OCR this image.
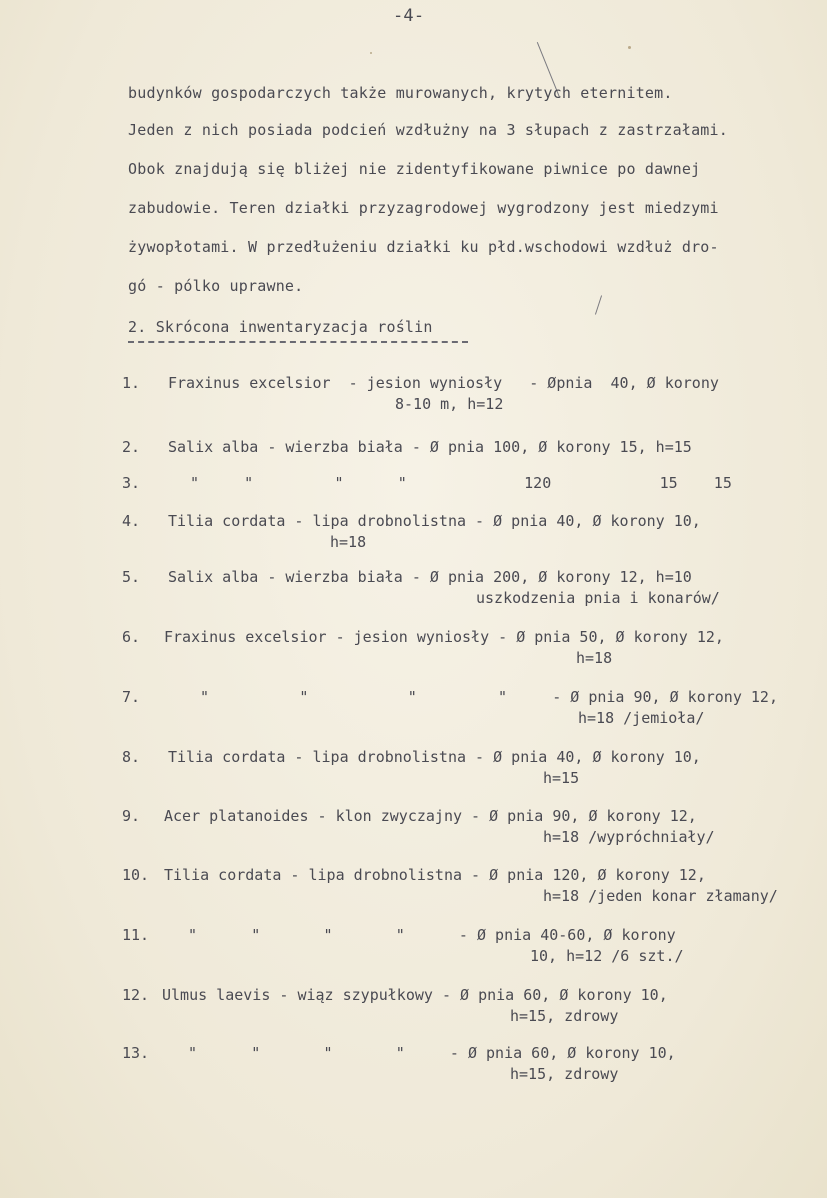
-4-
budynków gospodarczych także murowanych, krytych eternitem.
Jeden z nich posiada podcień wzdłużny na 3 słupach z zastrzałami.
Obok znajdują się bliżej nie zidentyfikowane piwnice po dawnej
zabudowie. Teren działki przyzagrodowej wygrodzony jest miedzymi
żywopłotami. W przedłużeniu działki ku płd.wschodowi wzdłuż dro-
gó - pólko uprawne.
2. Skrócona inwentaryzacja roślin
1. Fraxinus excelsior  - jesion wyniosły   - Øpnia  40, Ø korony
8-10 m, h=12
2. Salix alba - wierzba biała - Ø pnia 100, Ø korony 15, h=15
3.	"     "         "      "             120            15    15
4. Tilia cordata - lipa drobnolistna - Ø pnia 40, Ø korony 10,
h=18
5. Salix alba - wierzba biała - Ø pnia 200, Ø korony 12, h=10
uszkodzenia pnia i konarów/
6. Fraxinus excelsior - jesion wyniosły - Ø pnia 50, Ø korony 12,
h=18
7.	"          "           "         "     - Ø pnia 90, Ø korony 12,
h=18 /jemioła/
8. Tilia cordata - lipa drobnolistna - Ø pnia 40, Ø korony 10,
h=15
9. Acer platanoides - klon zwyczajny - Ø pnia 90, Ø korony 12,
h=18 /wypróchniały/
10. Tilia cordata - lipa drobnolistna - Ø pnia 120, Ø korony 12,
h=18 /jeden konar złamany/
11.	"      "       "       "      - Ø pnia 40-60, Ø korony
10, h=12 /6 szt./
12. Ulmus laevis - wiąz szypułkowy - Ø pnia 60, Ø korony 10,
h=15, zdrowy
13.	"      "       "       "     - Ø pnia 60, Ø korony 10,
h=15, zdrowy
